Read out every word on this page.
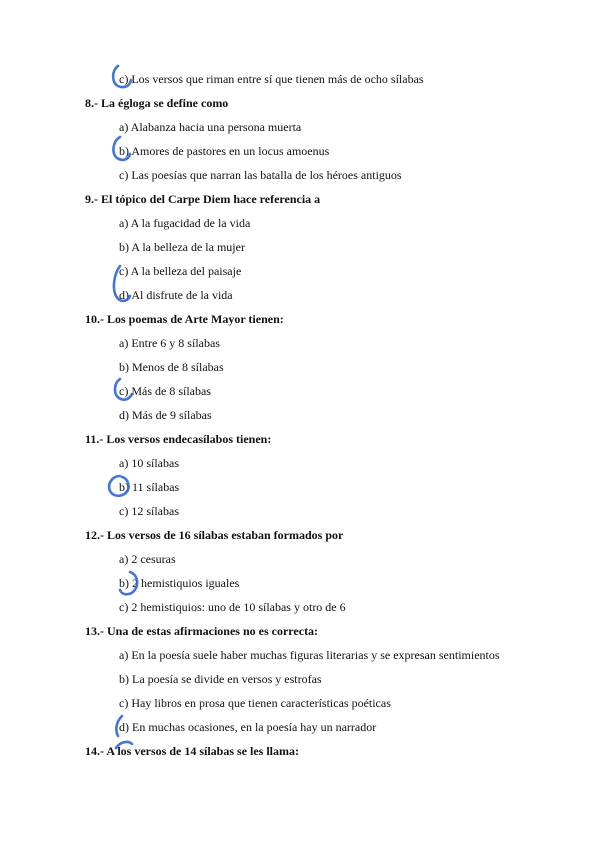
c) Los versos que riman entre sí que tienen más de ocho sílabas
8.- La égloga se define como
a) Alabanza hacia una persona muerta
b) Amores de pastores en un locus amoenus
c) Las poesías que narran las batalla de los héroes antiguos
9.- El tópico del Carpe Diem hace referencia a
a) A la fugacidad de la vida
b) A la belleza de la mujer
c) A la belleza del paisaje
d) Al disfrute de la vida
10.- Los poemas de Arte Mayor tienen:
a) Entre 6 y 8 sílabas
b) Menos de 8 sílabas
c) Más de 8 sílabas
d) Más de 9 sílabas
11.- Los versos endecasílabos tienen:
a) 10 sílabas
b) 11 sílabas
c) 12 sílabas
12.- Los versos de 16 sílabas estaban formados por
a) 2 cesuras
b) 2 hemistiquios iguales
c) 2 hemistiquios: uno de 10 sílabas y otro de 6
13.- Una de estas afirmaciones no es correcta:
a) En la poesía suele haber muchas figuras literarias y se expresan sentimientos
b) La poesía se divide en versos y estrofas
c) Hay libros en prosa que tienen características poéticas
d) En muchas ocasiones, en la poesía hay un narrador
14.- A los versos de 14 sílabas se les llama:
